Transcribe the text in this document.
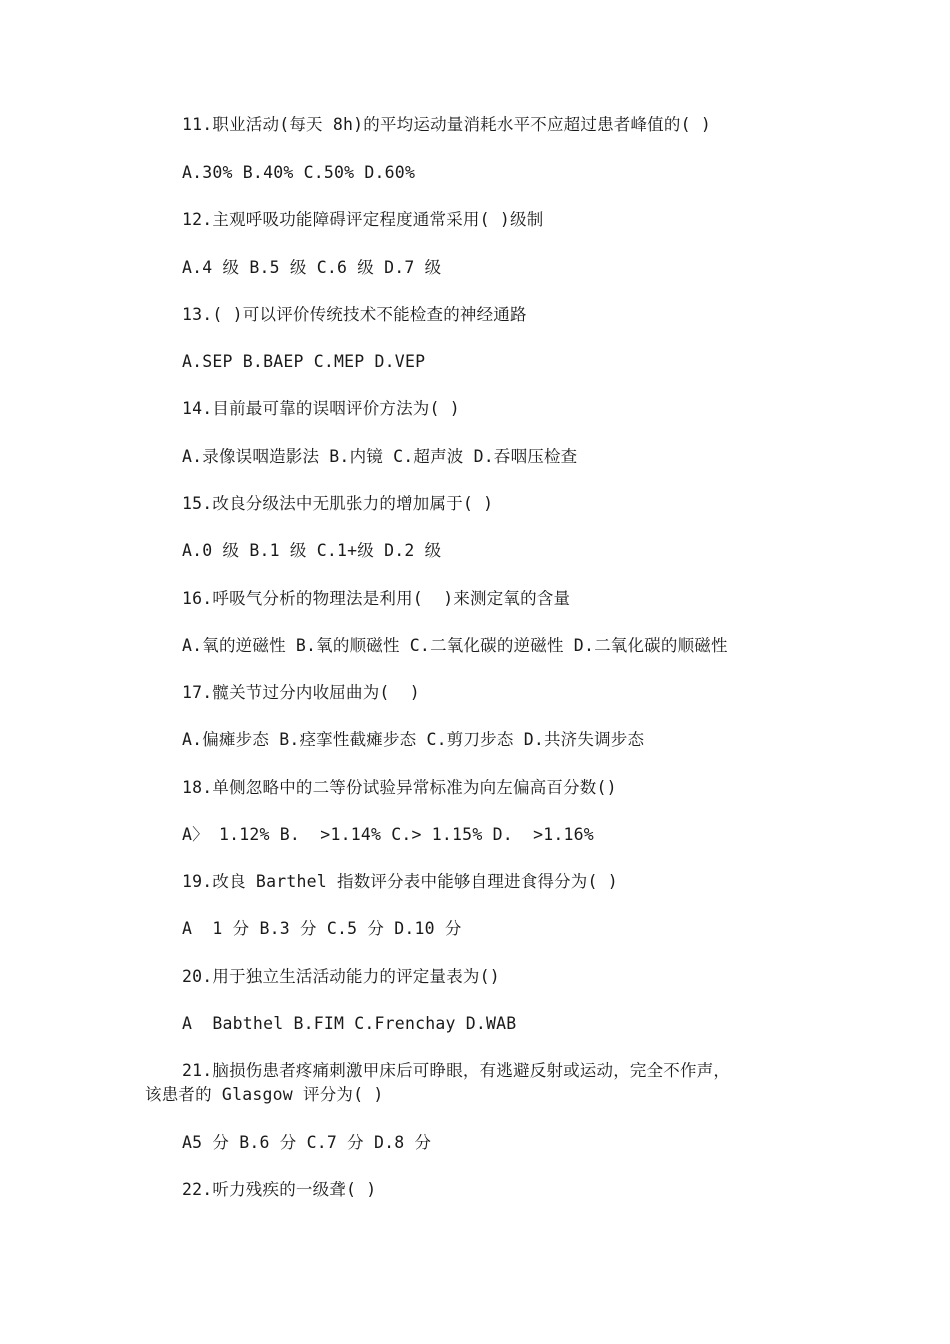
11.职业活动(每天 8h)的平均运动量消耗水平不应超过患者峰值的( )
A.30% B.40% C.50% D.60%
12.主观呼吸功能障碍评定程度通常采用( )级制
A.4 级 B.5 级 C.6 级 D.7 级
13.( )可以评价传统技术不能检查的神经通路
A.SEP B.BAEP C.MEP D.VEP
14.目前最可靠的误咽评价方法为( )
A.录像误咽造影法 B.内镜 C.超声波 D.吞咽压检查
15.改良分级法中无肌张力的增加属于( )
A.0 级 B.1 级 C.1+级 D.2 级
16.呼吸气分析的物理法是利用(  )来测定氧的含量
A.氧的逆磁性 B.氧的顺磁性 C.二氧化碳的逆磁性 D.二氧化碳的顺磁性
17.髋关节过分内收屈曲为(  )
A.偏瘫步态 B.痉挛性截瘫步态 C.剪刀步态 D.共济失调步态
18.单侧忽略中的二等份试验异常标准为向左偏高百分数()
A〉 1.12% B.  >1.14% C.> 1.15% D.  >1.16%
19.改良 Barthel 指数评分表中能够自理进食得分为( )
A  1 分 B.3 分 C.5 分 D.10 分
20.用于独立生活活动能力的评定量表为()
A  Babthel B.FIM C.Frenchay D.WAB
21.脑损伤患者疼痛刺激甲床后可睁眼，有逃避反射或运动，完全不作声，
该患者的 Glasgow 评分为( )
A5 分 B.6 分 C.7 分 D.8 分
22.听力残疾的一级聋( )
